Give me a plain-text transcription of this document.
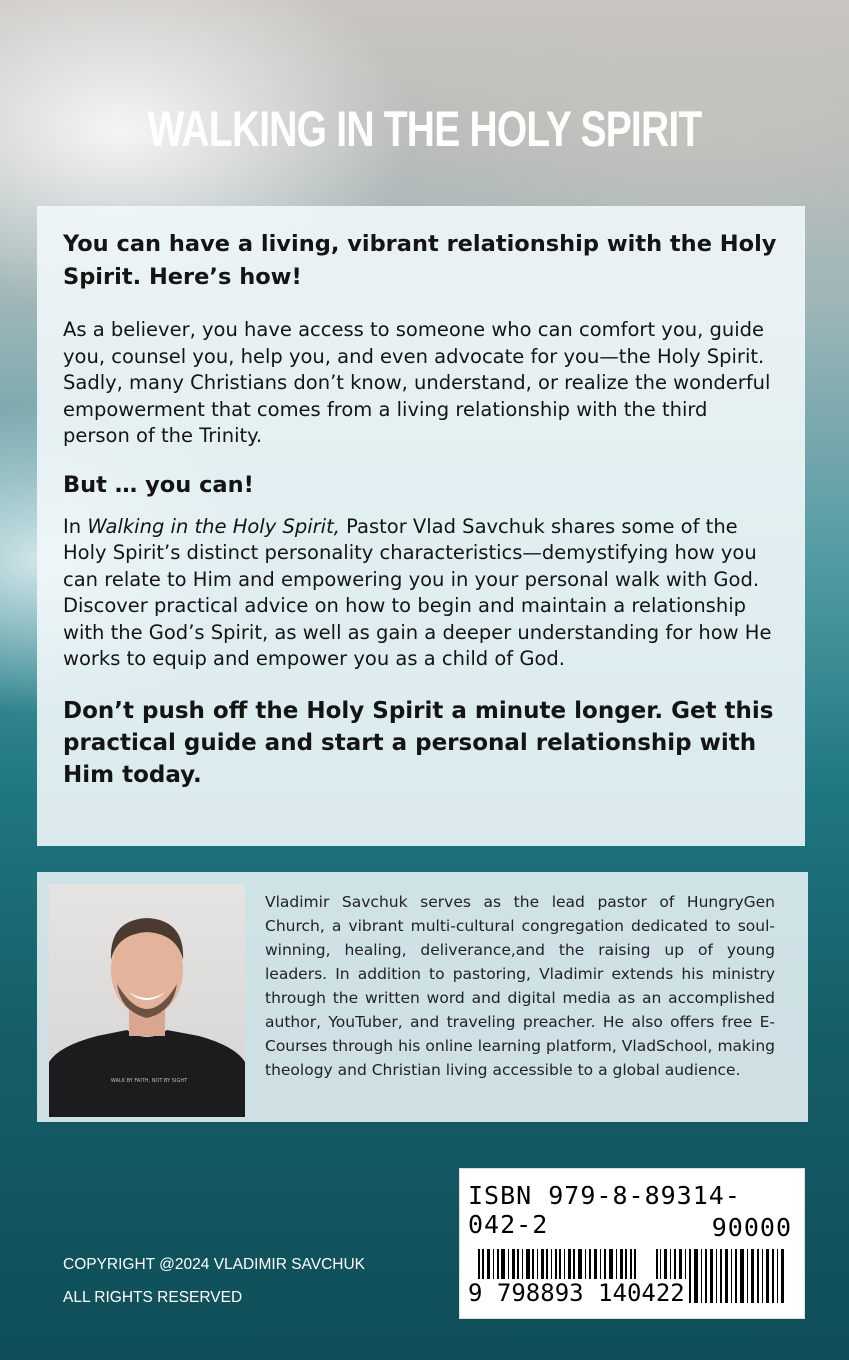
WALKING IN THE HOLY SPIRIT

You can have a living, vibrant relationship with the Holy Spirit. Here’s how!

As a believer, you have access to someone who can comfort you, guide you, counsel you, help you, and even advocate for you—the Holy Spirit. Sadly, many Christians don’t know, understand, or realize the wonderful empowerment that comes from a living relationship with the third person of the Trinity.

But … you can!

In Walking in the Holy Spirit, Pastor Vlad Savchuk shares some of the Holy Spirit’s distinct personality characteristics—demystifying how you can relate to Him and empowering you in your personal walk with God. Discover practical advice on how to begin and maintain a relationship with the God’s Spirit, as well as gain a deeper understanding for how He works to equip and empower you as a child of God.

Don’t push off the Holy Spirit a minute longer. Get this practical guide and start a personal relationship with Him today.

WALK BY FAITH, NOT BY SIGHT

Vladimir Savchuk serves as the lead pastor of HungryGen Church, a vibrant multi-cultural congregation dedicated to soul-winning, healing, deliverance,and the raising up of young leaders. In addition to pastoring, Vladimir extends his ministry through the written word and digital media as an accomplished author, YouTuber, and traveling preacher. He also offers free E-Courses through his online learning platform, VladSchool, making theology and Christian living accessible to a global audience.

ISBN 979-8-89314-042-2	90000

9 798893 140422

COPYRIGHT @2024 VLADIMIR SAVCHUK

ALL RIGHTS RESERVED
